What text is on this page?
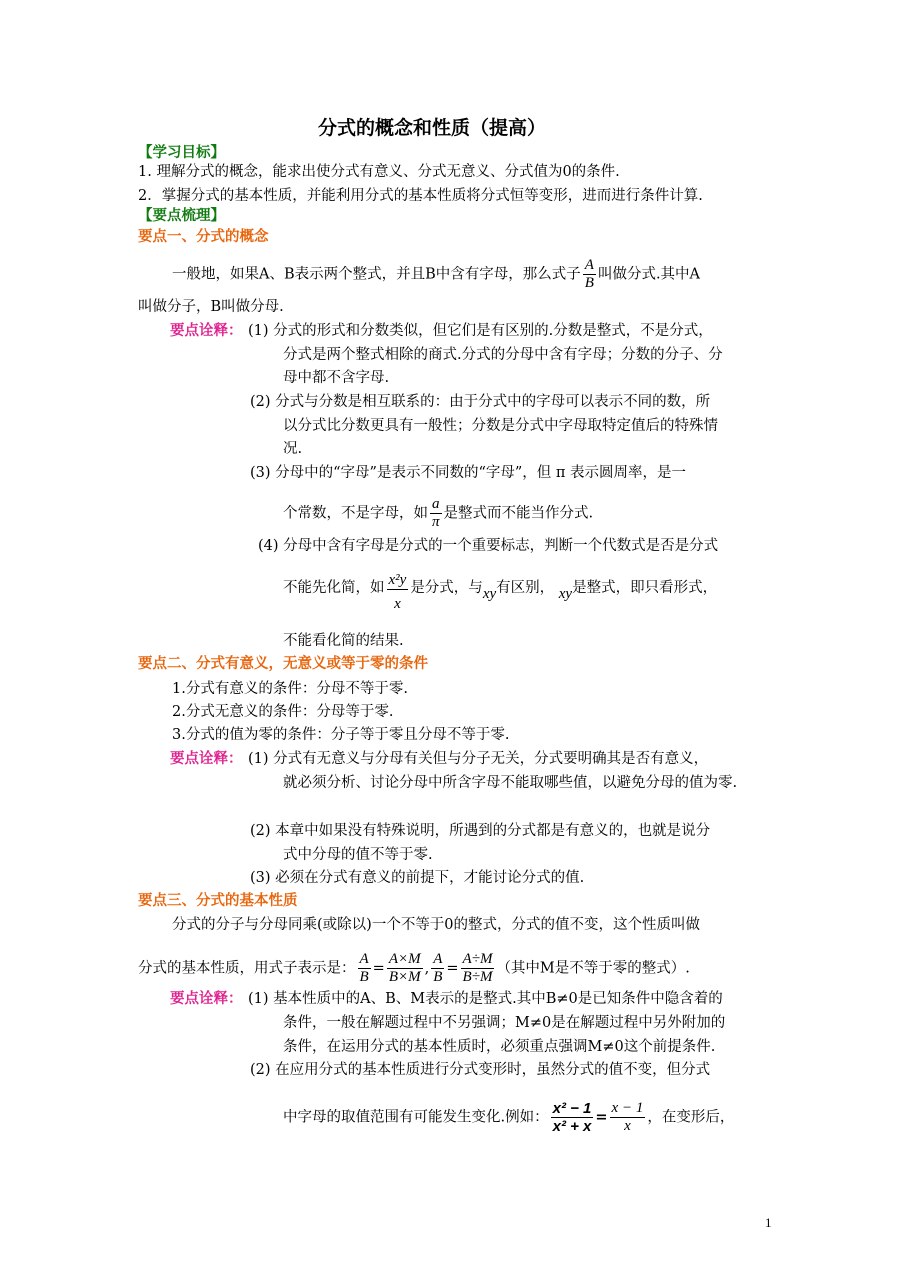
分式的概念和性质（提高）
【学习目标】
1. 理解分式的概念，能求出使分式有意义、分式无意义、分式值为0的条件.
2．掌握分式的基本性质，并能利用分式的基本性质将分式恒等变形，进而进行条件计算.
【要点梳理】
要点一、分式的概念
一般地，如果A、B表示两个整式，并且B中含有字母，那么式子 $\frac{A}{B}$ 叫做分式.其中A
叫做分子，B叫做分母.
要点诠释： (1) 分式的形式和分数类似，但它们是有区别的.分数是整式，不是分式，
分式是两个整式相除的商式.分式的分母中含有字母；分数的分子、分
母中都不含字母.
(2) 分式与分数是相互联系的：由于分式中的字母可以表示不同的数，所
以分式比分数更具有一般性；分数是分式中字母取特定值后的特殊情
况.
(3) 分母中的“字母”是表示不同数的“字母”，但 π 表示圆周率，是一
个常数，不是字母，如 $\frac{a}{\pi}$ 是整式而不能当作分式.
(4) 分母中含有字母是分式的一个重要标志，判断一个代数式是否是分式
不能先化简，如 $\frac{\text{x²y}}{x}$ 是分式，与xy有区别， xy是整式，即只看形式，
不能看化简的结果.
要点二、分式有意义，无意义或等于零的条件
1.分式有意义的条件：分母不等于零.
2.分式无意义的条件：分母等于零.
3.分式的值为零的条件：分子等于零且分母不等于零.
要点诠释： (1) 分式有无意义与分母有关但与分子无关，分式要明确其是否有意义，
就必须分析、讨论分母中所含字母不能取哪些值，以避免分母的值为零.
(2) 本章中如果没有特殊说明，所遇到的分式都是有意义的，也就是说分
式中分母的值不等于零.
(3) 必须在分式有意义的前提下，才能讨论分式的值.
要点三、分式的基本性质
分式的分子与分母同乘(或除以)一个不等于0的整式，分式的值不变，这个性质叫做
分式的基本性质，用式子表示是： $\frac{A}{B} = \frac{A\times M}{B\times M}$ , $\frac{A}{B} = \frac{A\div M}{B\div M}$ （其中M是不等于零的整式）.
要点诠释： (1) 基本性质中的A、B、M表示的是整式.其中B≠0是已知条件中隐含着的
条件，一般在解题过程中不另强调；M≠0是在解题过程中另外附加的
条件，在运用分式的基本性质时，必须重点强调M≠0这个前提条件.
(2) 在应用分式的基本性质进行分式变形时，虽然分式的值不变，但分式
中字母的取值范围有可能发生变化.例如： $\frac{\text{x² − 1}}{\text{x² + x}} = \frac{x - 1}{x}$ ，在变形后，
1
